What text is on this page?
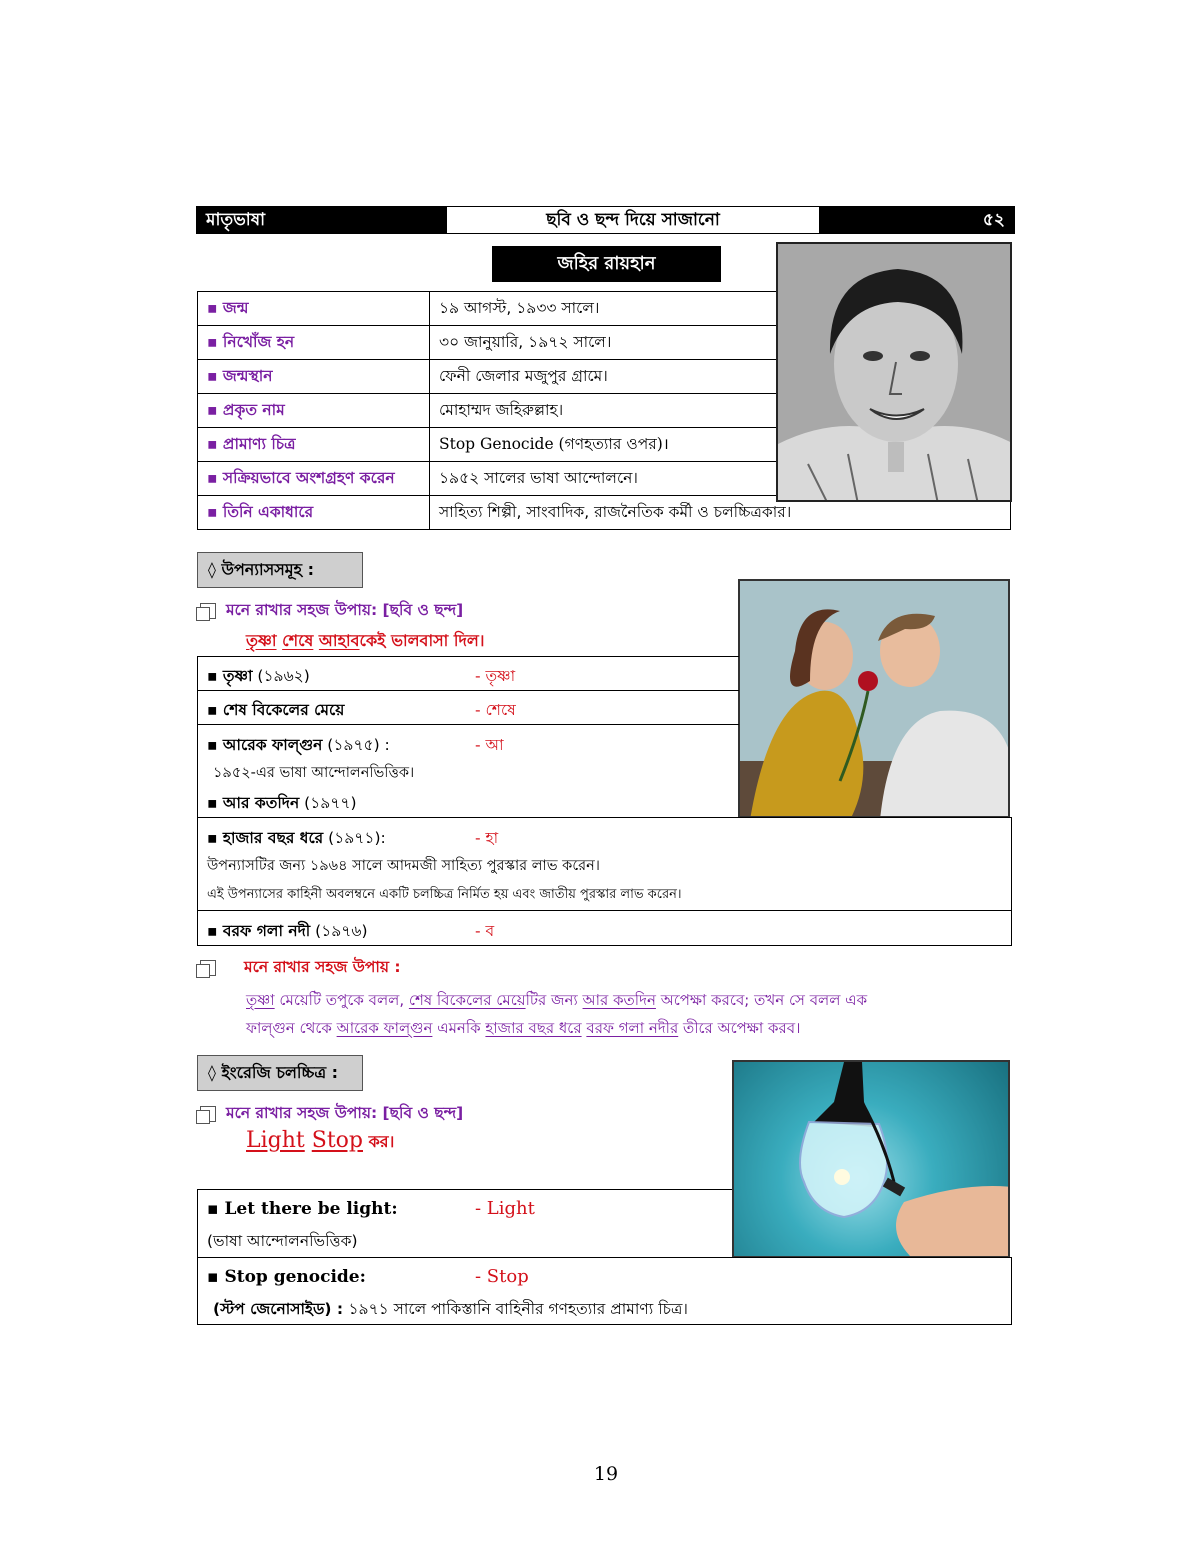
মাতৃভাষা	ছবি ও ছন্দ দিয়ে সাজানো	৫২
জহির রায়হান
▪ জন্ম	১৯ আগস্ট, ১৯৩৩ সালে।
▪ নিখোঁজ হন	৩০ জানুয়ারি, ১৯৭২ সালে।
▪ জন্মস্থান	ফেনী জেলার মজুপুর গ্রামে।
▪ প্রকৃত নাম	মোহাম্মদ জহিরুল্লাহ।
▪ প্রামাণ্য চিত্র	Stop Genocide (গণহত্যার ওপর)।
▪ সক্রিয়ভাবে অংশগ্রহণ করেন	১৯৫২ সালের ভাষা আন্দোলনে।
▪ তিনি একাধারে	সাহিত্য শিল্পী, সাংবাদিক, রাজনৈতিক কর্মী ও চলচ্চিত্রকার।
◊ উপন্যাসসমূহ :
মনে রাখার সহজ উপায়: [ছবি ও ছন্দ]
তৃষ্ণা শেষে আহাবকেই ভালবাসা দিল।
▪ তৃষ্ণা (১৯৬২)	- তৃষ্ণা
▪ শেষ বিকেলের মেয়ে	- শেষে
▪ আরেক ফাল্গুন (১৯৭৫) :	- আ
১৯৫২-এর ভাষা আন্দোলনভিত্তিক।
▪ আর কতদিন (১৯৭৭)
▪ হাজার বছর ধরে (১৯৭১):	- হা
উপন্যাসটির জন্য ১৯৬৪ সালে আদমজী সাহিত্য পুরস্কার লাভ করেন।
এই উপন্যাসের কাহিনী অবলম্বনে একটি চলচ্চিত্র নির্মিত হয় এবং জাতীয় পুরস্কার লাভ করেন।
▪ বরফ গলা নদী (১৯৭৬)	- ব
মনে রাখার সহজ উপায় :
তৃষ্ণা মেয়েটি তপুকে বলল, শেষ বিকেলের মেয়েটির জন্য আর কতদিন অপেক্ষা করবে; তখন সে বলল এক
ফাল্গুন থেকে আরেক ফাল্গুন এমনকি হাজার বছর ধরে বরফ গলা নদীর তীরে অপেক্ষা করব।
◊ ইংরেজি চলচ্চিত্র :
মনে রাখার সহজ উপায়: [ছবি ও ছন্দ]
Light Stop কর।
▪ Let there be light:	- Light
(ভাষা আন্দোলনভিত্তিক)
▪ Stop genocide:	- Stop
(স্টপ জেনোসাইড) : ১৯৭১ সালে পাকিস্তানি বাহিনীর গণহত্যার প্রামাণ্য চিত্র।
19
